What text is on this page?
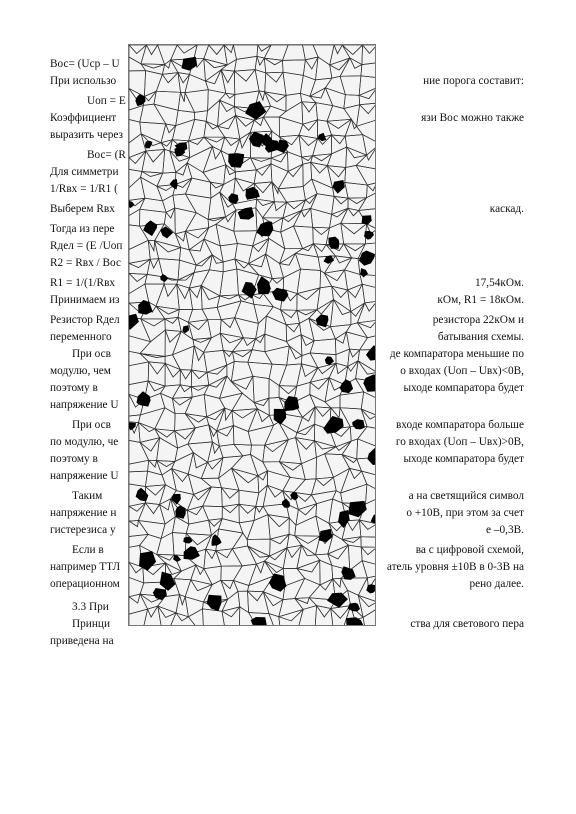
Вос= (Uср – U
При использо	ние порога составит:
Uоп = E
Коэффициент	язи Вос можно также
выразить через
Вос= (R
Для симметри
1/Rвх = 1/R1 (
Выберем Rвх	каскад.
Тогда из пере
Rдел = (E /Uоп
R2 = Rвх / Вос
R1 = 1/(1/Rвх	17,54кОм.
Принимаем из	кОм, R1 = 18кОм.
Резистор Rдел	резистора 22кОм и
переменного	батывания схемы.
При осв	де компаратора меньшие по
модулю, чем	о входах (Uоп – Uвх)<0В,
поэтому в	ыходе компаратора будет
напряжение U
При осв	входе компаратора больше
по модулю, че	го входах (Uоп – Uвх)>0В,
поэтому в	ыходе компаратора будет
напряжение U
Таким	а на светящийся символ
напряжение н	о +10В, при этом за счет
гистерезиса у	е –0,3В.
Если в	ва с цифровой схемой,
например ТТЛ	атель уровня ±10В в 0-3В на
операционном	рено далее.
3.3 При
Принци	ства для светового пера
приведена на
